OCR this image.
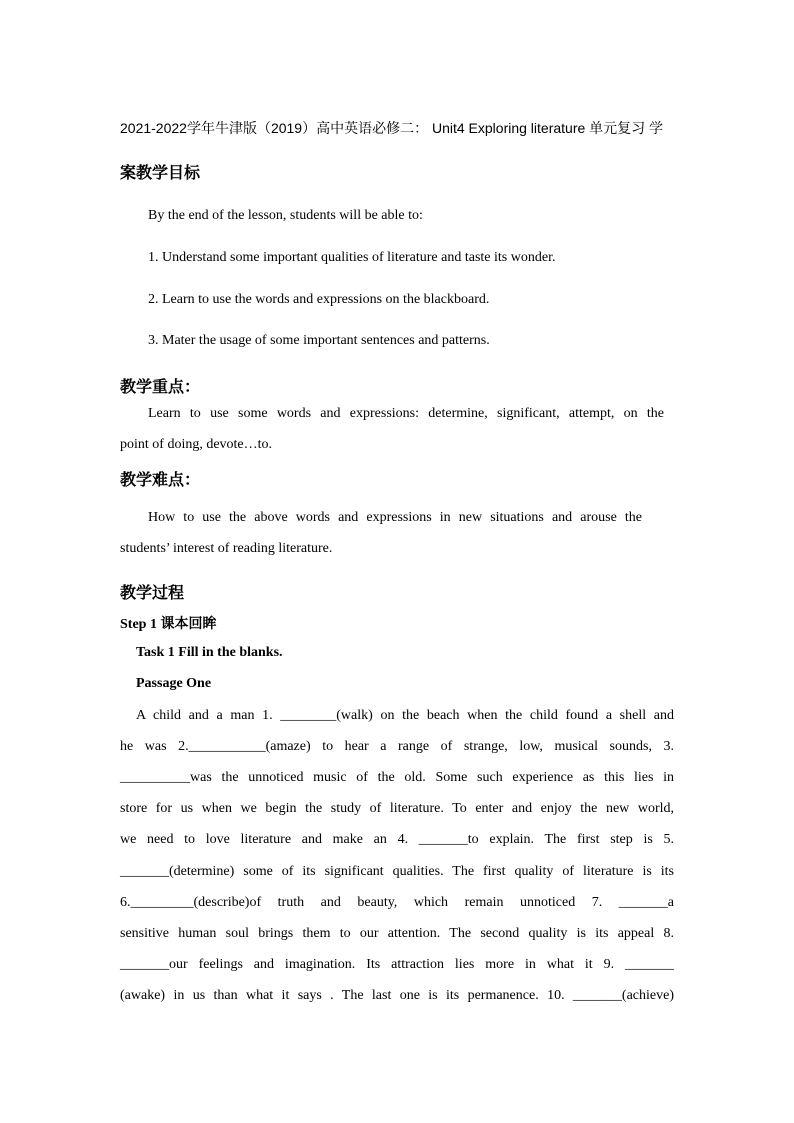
2021-2022学年牛津版（2019）高中英语必修二： Unit4 Exploring literature 单元复习 学
案教学目标
By the end of the lesson, students will be able to:
1. Understand some important qualities of literature and taste its wonder.
2. Learn to use the words and expressions on the blackboard.
3. Mater the usage of some important sentences and patterns.
教学重点：
Learn to use some words and expressions: determine, significant, attempt, on the
point of doing, devote…to.
教学难点：
How to use the above words and expressions in new situations and arouse the
students’ interest of reading literature.
教学过程
Step 1 课本回眸
Task 1 Fill in the blanks.
Passage One
A child and a man 1. ________(walk) on the beach when the child found a shell and
he was 2.___________(amaze) to hear a range of strange, low, musical sounds, 3.
__________was the unnoticed music of the old. Some such experience as this lies in
store for us when we begin the study of literature. To enter and enjoy the new world,
we need to love literature and make an 4. _______to explain. The first step is 5.
_______(determine) some of its significant qualities. The first quality of literature is its
6._________(describe)of truth and beauty, which remain unnoticed 7. _______a
sensitive human soul brings them to our attention. The second quality is its appeal 8.
_______our feelings and imagination. Its attraction lies more in what it 9. _______
(awake) in us than what it says . The last one is its permanence. 10. _______(achieve)
